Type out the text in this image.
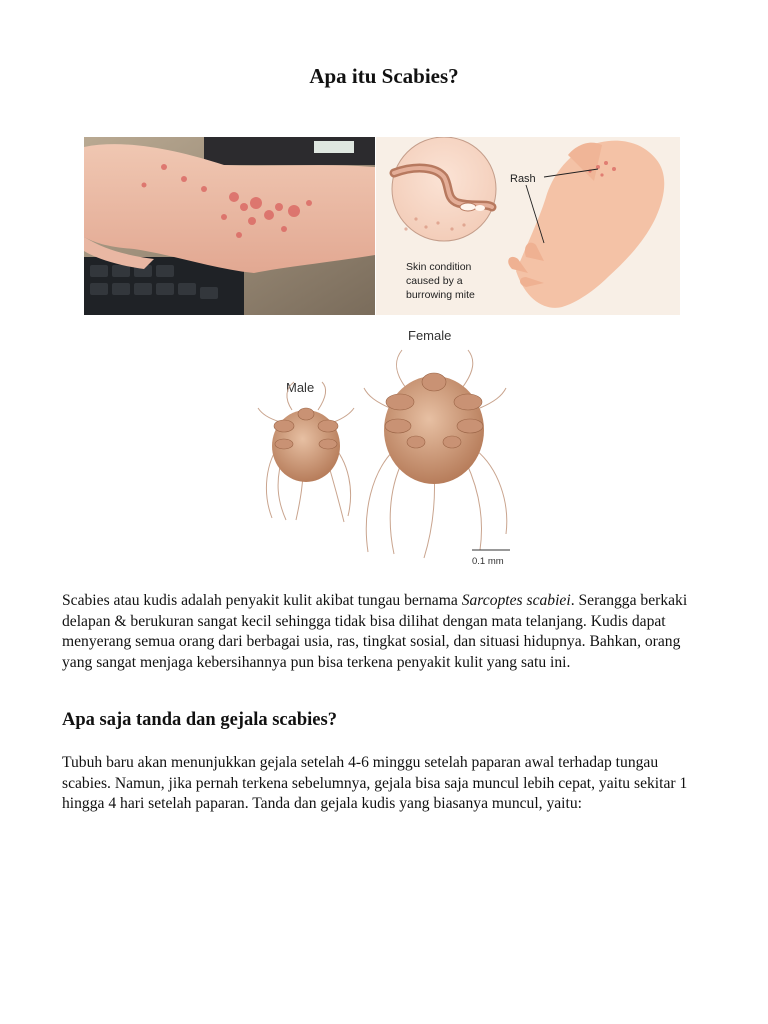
Apa itu Scabies?
Rash
Skin condition
caused by a
burrowing mite
Female
Male
0.1 mm

Scabies atau kudis adalah penyakit kulit akibat tungau bernama Sarcoptes scabiei. Serangga berkaki delapan & berukuran sangat kecil sehingga tidak bisa dilihat dengan mata telanjang. Kudis dapat menyerang semua orang dari berbagai usia, ras, tingkat sosial, dan situasi hidupnya. Bahkan, orang yang sangat menjaga kebersihannya pun bisa terkena penyakit kulit yang satu ini.

Apa saja tanda dan gejala scabies?

Tubuh baru akan menunjukkan gejala setelah 4-6 minggu setelah paparan awal terhadap tungau scabies. Namun, jika pernah terkena sebelumnya, gejala bisa saja muncul lebih cepat, yaitu sekitar 1 hingga 4 hari setelah paparan. Tanda dan gejala kudis yang biasanya muncul, yaitu:
